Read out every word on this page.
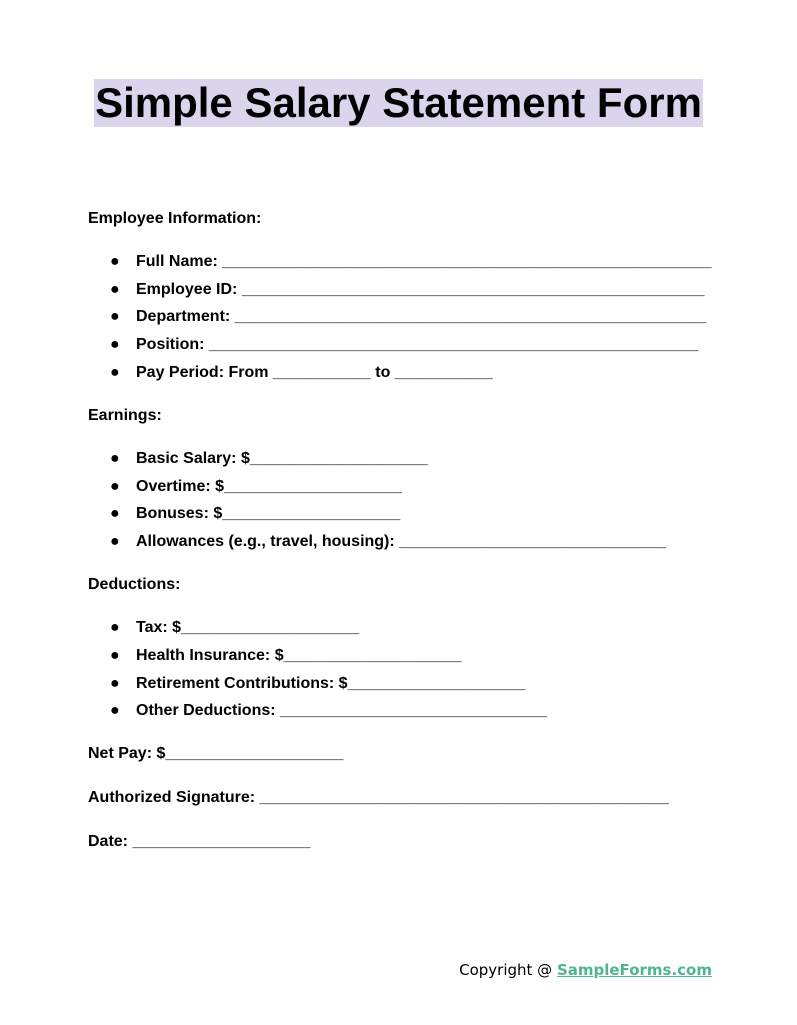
Simple Salary Statement Form

Employee Information:

● Full Name: _______________________________________________________
● Employee ID: ____________________________________________________
● Department: _____________________________________________________
● Position: _______________________________________________________
● Pay Period: From ___________ to ___________

Earnings:

● Basic Salary: $____________________
● Overtime: $____________________
● Bonuses: $____________________
● Allowances (e.g., travel, housing): ______________________________

Deductions:

● Tax: $____________________
● Health Insurance: $____________________
● Retirement Contributions: $____________________
● Other Deductions: ______________________________

Net Pay: $____________________

Authorized Signature: ______________________________________________

Date: ____________________

Copyright @ SampleForms.com
